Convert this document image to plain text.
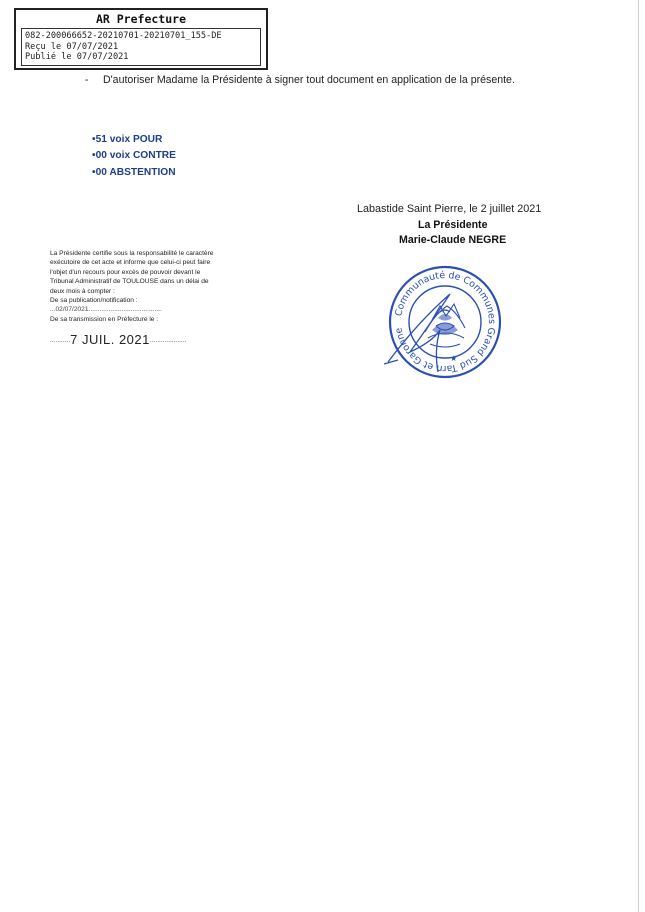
AR Prefecture
082-200066652-20210701-20210701_155-DE
Reçu le 07/07/2021
Publié le 07/07/2021
- D'autoriser Madame la Présidente à signer tout document en application de la présente.
•51 voix POUR
•00 voix CONTRE
•00 ABSTENTION
Labastide Saint Pierre, le 2 juillet 2021
La Présidente
Marie-Claude NEGRE
La Présidente certifie sous la responsabilité le caractère
exécutoire de cet acte et informe que celui-ci peut faire
l'objet d'un recours pour excès de pouvoir devant le
Tribunal Administratif de TOULOUSE dans un délai de
deux mois à compter :
De sa publication/notification :
...02/07/2021........................................
De sa transmission en Préfecture le :
...........7 JUIL. 2021....................
Communauté de Communes Grand Sud Tarn et Garonne
★
